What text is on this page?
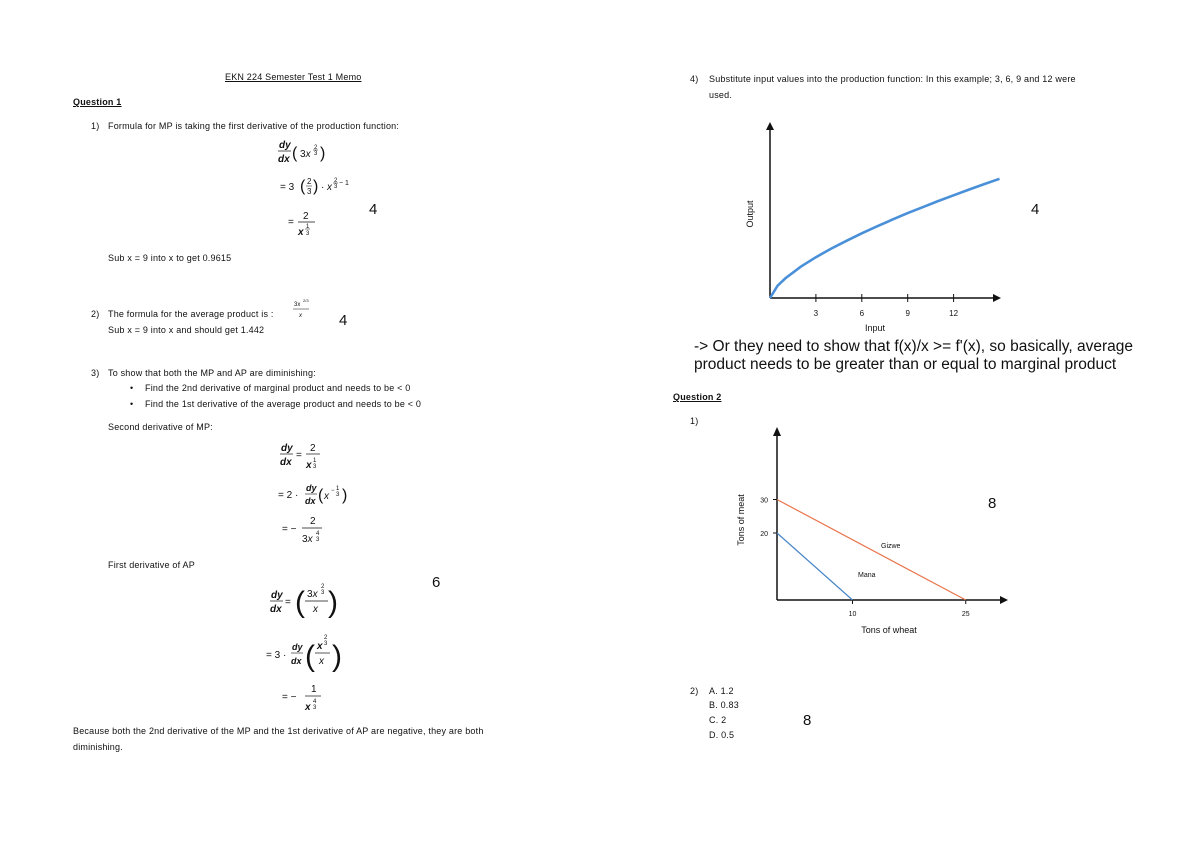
EKN 224 Semester Test 1 Memo
Question 1
1) Formula for MP is taking the first derivative of the production function:
dy
dx ( 3x
2
3 )
= 3 ( 2
3 ) · x
2
3 − 1
=
2
x 1
3
4
Sub x = 9 into x to get 0.9615
2) The formula for the average product is :
3x
2/3
x 4
Sub x = 9 into x and should get 1.442
3) To show that both the MP and AP are diminishing:
• Find the 2nd derivative of marginal product and needs to be < 0
• Find the 1st derivative of the average product and needs to be < 0
Second derivative of MP:
dy
dx
=
2
x 1
3
= 2 ·
dy
dx ( x − 1
3 )
= −
2
3x 4
3
First derivative of AP
dy
dx
= ( 3x
2
3
x )
= 3 ·
dy
dx ( x
2
3
x )
= −
1
x 4
3
6
Because both the 2nd derivative of the MP and the 1st derivative of AP are negative, they are both
diminishing.
4) Substitute input values into the production function: In this example; 3, 6, 9 and 12 were
used.
3	6	9	12
Input
Output	4
-> Or they need to show that f(x)/x >= f'(x), so basically, average
product needs to be greater than or equal to marginal product
Question 2
1)
10	25
20
30
Gizwe
Mana
Tons of wheat
Tons of meat	8
2) A. 1.2
B. 0.83
C. 2
D. 0.5
8
